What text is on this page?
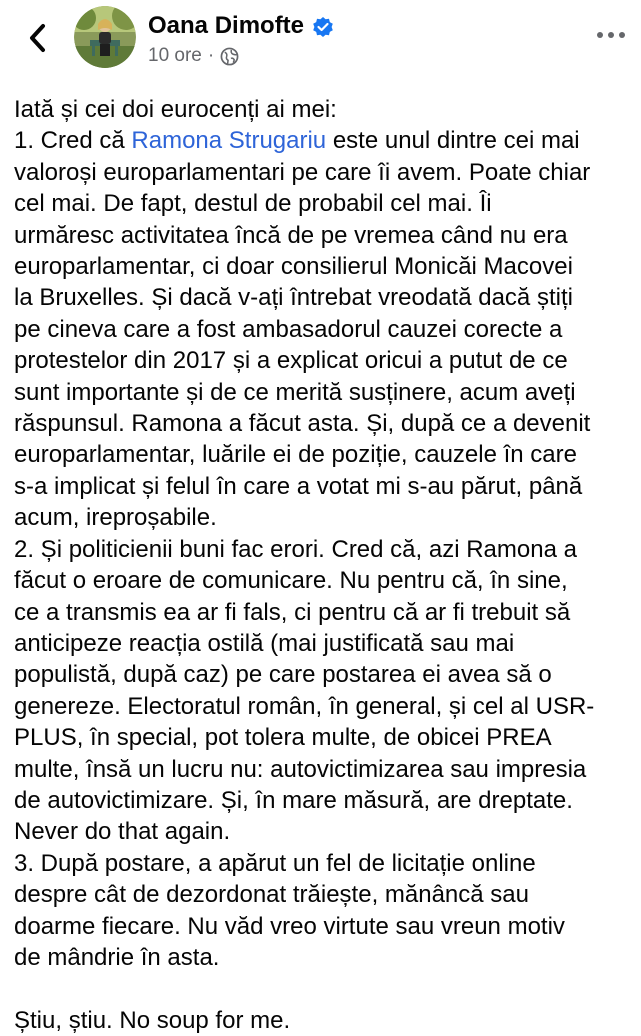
Oana Dimofte
10 ore ·

Iată și cei doi eurocenți ai mei:

1. Cred că Ramona Strugariu este unul dintre cei mai

valoroși europarlamentari pe care îi avem. Poate chiar

cel mai. De fapt, destul de probabil cel mai. Îi

urmăresc activitatea încă de pe vremea când nu era

europarlamentar, ci doar consilierul Monicăi Macovei

la Bruxelles. Și dacă v-ați întrebat vreodată dacă știți

pe cineva care a fost ambasadorul cauzei corecte a

protestelor din 2017 și a explicat oricui a putut de ce

sunt importante și de ce merită susținere, acum aveți

răspunsul. Ramona a făcut asta. Și, după ce a devenit

europarlamentar, luările ei de poziție, cauzele în care

s-a implicat și felul în care a votat mi s-au părut, până

acum, ireproșabile.

2. Și politicienii buni fac erori. Cred că, azi Ramona a

făcut o eroare de comunicare. Nu pentru că, în sine,

ce a transmis ea ar fi fals, ci pentru că ar fi trebuit să

anticipeze reacția ostilă (mai justificată sau mai

populistă, după caz) pe care postarea ei avea să o

genereze. Electoratul român, în general, și cel al USR-

PLUS, în special, pot tolera multe, de obicei PREA

multe, însă un lucru nu: autovictimizarea sau impresia

de autovictimizare. Și, în mare măsură, are dreptate.

Never do that again.

3. După postare, a apărut un fel de licitație online

despre cât de dezordonat trăiește, mănâncă sau

doarme fiecare. Nu văd vreo virtute sau vreun motiv

de mândrie în asta.

Știu, știu. No soup for me.
